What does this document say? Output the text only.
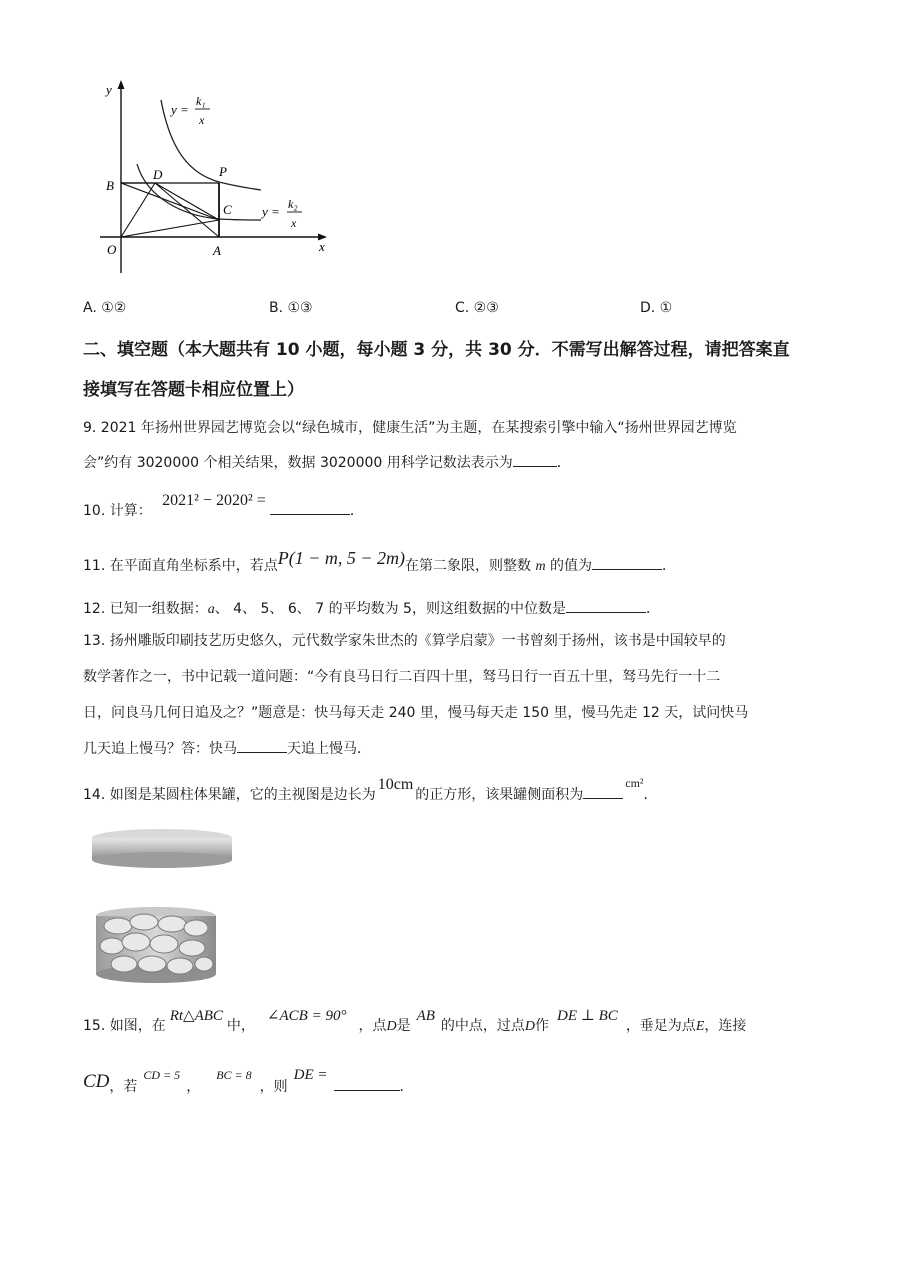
y
x
O
B
D	P
C
A
y =
k₁
x
y = k₂
x
A. ①②	B. ①③	C. ②③	D. ①
二、填空题（本大题共有 10 小题，每小题 3 分，共 30 分．不需写出解答过程，请把答案直
接填写在答题卡相应位置上）
9. 2021 年扬州世界园艺博览会以“绿色城市，健康生活”为主题，在某搜索引擎中输入“扬州世界园艺博览
会”约有 3020000 个相关结果，数据 3020000 用科学记数法表示为	．
10. 计算： 2021² − 2020² =．
11. 在平面直角坐标系中，若点P(1 − m, 5 − 2m)在第二象限，则整数 m 的值为	．
12. 已知一组数据：a、 4、 5、 6、 7 的平均数为 5，则这组数据的中位数是	．
13. 扬州雕版印刷技艺历史悠久，元代数学家朱世杰的《算学启蒙》一书曾刻于扬州，该书是中国较早的
数学著作之一，书中记载一道问题：“今有良马日行二百四十里，驽马日行一百五十里，驽马先行一十二
日，问良马几何日追及之？”题意是：快马每天走 240 里，慢马每天走 150 里，慢马先走 12 天，试问快马
几天追上慢马？答：快马	天追上慢马．
14. 如图是某圆柱体果罐，它的主视图是边长为10cm的正方形，该果罐侧面积为cm²．
15. 如图，在Rt△ABC中，∠ACB = 90°，点D是AB的中点，过点D作DE ⊥ BC，垂足为点E，连接
CD，若CD = 5，BC = 8，则DE =．
